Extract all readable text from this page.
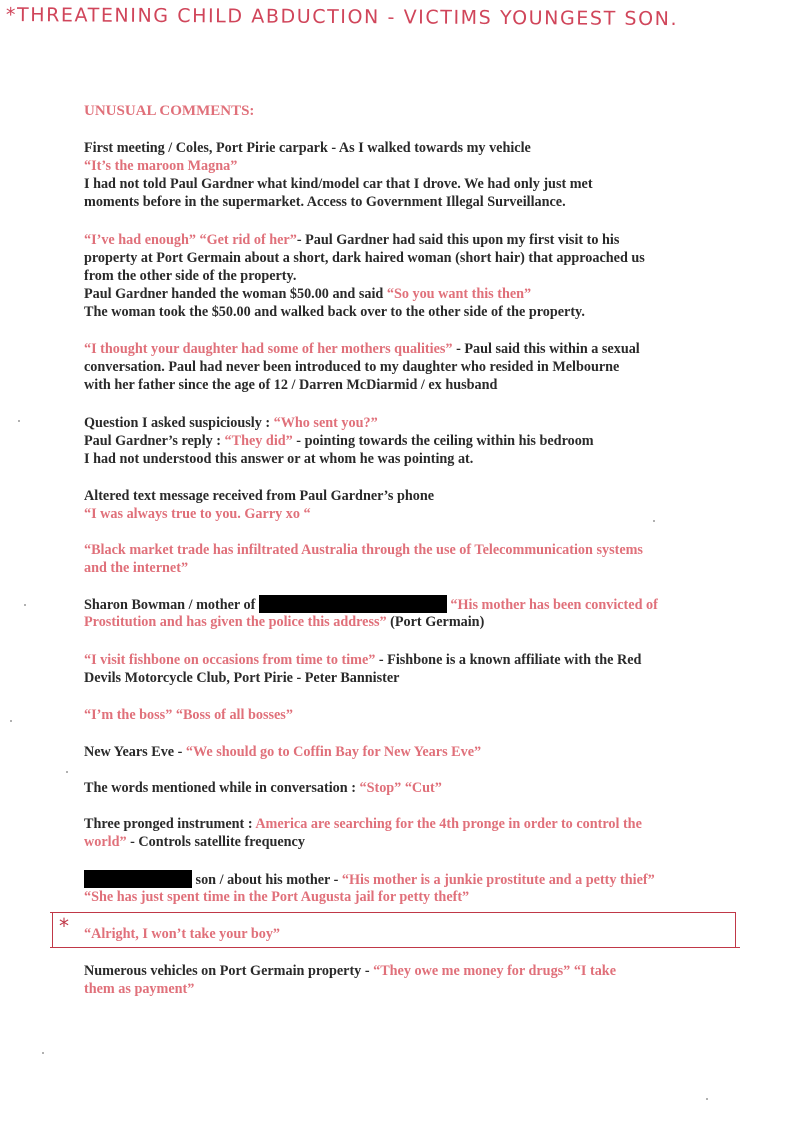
*THREATENING CHILD ABDUCTION - VICTIMS YOUNGEST SON.
UNUSUAL COMMENTS:
First meeting / Coles, Port Pirie carpark - As I walked towards my vehicle
“It’s the maroon Magna”
I had not told Paul Gardner what kind/model car that I drove. We had only just met
moments before in the supermarket. Access to Government Illegal Surveillance.
“I’ve had enough” “Get rid of her”- Paul Gardner had said this upon my first visit to his
property at Port Germain about a short, dark haired woman (short hair) that approached us
from the other side of the property.
Paul Gardner handed the woman $50.00 and said “So you want this then”
The woman took the $50.00 and walked back over to the other side of the property.
“I thought your daughter had some of her mothers qualities” - Paul said this within a sexual
conversation. Paul had never been introduced to my daughter who resided in Melbourne
with her father since the age of 12 / Darren McDiarmid / ex husband
Question I asked suspiciously : “Who sent you?”
Paul Gardner’s reply : “They did” - pointing towards the ceiling within his bedroom
I had not understood this answer or at whom he was pointing at.
Altered text message received from Paul Gardner’s phone
“I was always true to you. Garry xo “
“Black market trade has infiltrated Australia through the use of Telecommunication systems
and the internet”
Sharon Bowman / mother of	“His mother has been convicted of
Prostitution and has given the police this address” (Port Germain)
“I visit fishbone on occasions from time to time” - Fishbone is a known affiliate with the Red
Devils Motorcycle Club, Port Pirie - Peter Bannister
“I’m the boss” “Boss of all bosses”
New Years Eve - “We should go to Coffin Bay for New Years Eve”
The words mentioned while in conversation : “Stop” “Cut”
Three pronged instrument : America are searching for the 4th pronge in order to control the
world” - Controls satellite frequency
son / about his mother - “His mother is a junkie prostitute and a petty thief”
“She has just spent time in the Port Augusta jail for petty theft”
* “Alright, I won’t take your boy”
Numerous vehicles on Port Germain property - “They owe me money for drugs” “I take
them as payment”
